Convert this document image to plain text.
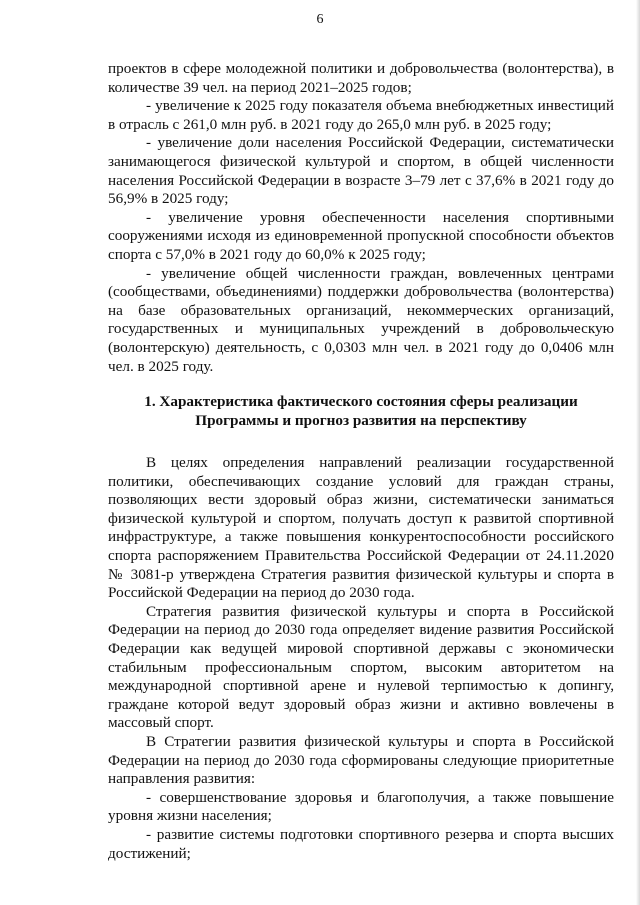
6

проектов в сфере молодежной политики и добровольчества (волонтерства), в количестве 39 чел. на период 2021–2025 годов;

- увеличение к 2025 году показателя объема внебюджетных инвестиций в отрасль с 261,0 млн руб. в 2021 году до 265,0 млн руб. в 2025 году;

- увеличение доли населения Российской Федерации, систематически занимающегося физической культурой и спортом, в общей численности населения Российской Федерации в возрасте 3–79 лет с 37,6% в 2021 году до 56,9% в 2025 году;

- увеличение уровня обеспеченности населения спортивными сооружениями исходя из единовременной пропускной способности объектов спорта с 57,0% в 2021 году до 60,0% к 2025 году;

- увеличение общей численности граждан, вовлеченных центрами (сообществами, объединениями) поддержки добровольчества (волонтерства) на базе образовательных организаций, некоммерческих организаций, государственных и муниципальных учреждений в добровольческую (волонтерскую) деятельность, с 0,0303 млн чел. в 2021 году до 0,0406 млн чел. в 2025 году.

1. Характеристика фактического состояния сферы реализации
Программы и прогноз развития на перспективу

В целях определения направлений реализации государственной политики, обеспечивающих создание условий для граждан страны, позволяющих вести здоровый образ жизни, систематически заниматься физической культурой и спортом, получать доступ к развитой спортивной инфраструктуре, а также повышения конкурентоспособности российского спорта распоряжением Правительства Российской Федерации от 24.11.2020 № 3081-р утверждена Стратегия развития физической культуры и спорта в Российской Федерации на период до 2030 года.

Стратегия развития физической культуры и спорта в Российской Федерации на период до 2030 года определяет видение развития Российской Федерации как ведущей мировой спортивной державы с экономически стабильным профессиональным спортом, высоким авторитетом на международной спортивной арене и нулевой терпимостью к допингу, граждане которой ведут здоровый образ жизни и активно вовлечены в массовый спорт.

В Стратегии развития физической культуры и спорта в Российской Федерации на период до 2030 года сформированы следующие приоритетные направления развития:

- совершенствование здоровья и благополучия, а также повышение уровня жизни населения;

- развитие системы подготовки спортивного резерва и спорта высших достижений;
